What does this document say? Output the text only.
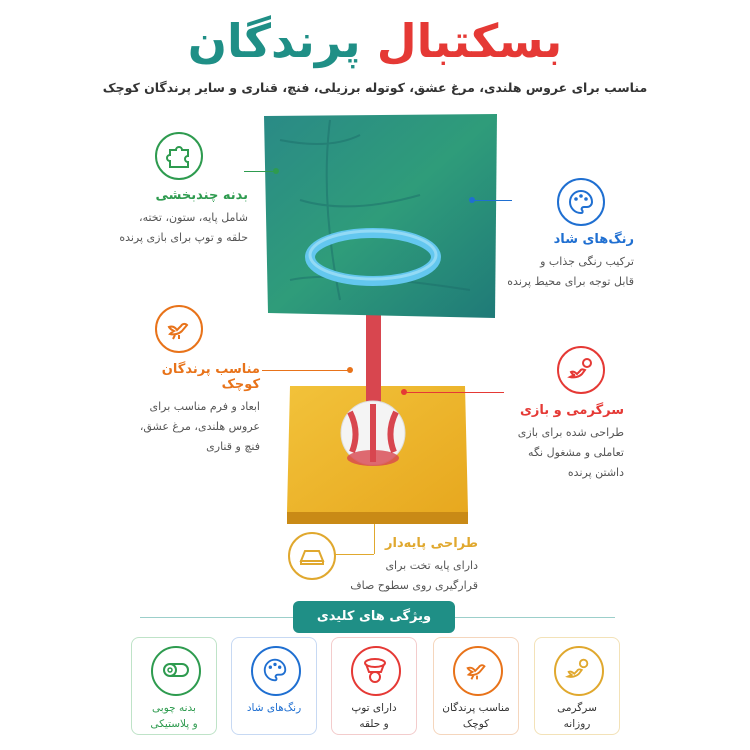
بسکتبال پرندگان
مناسب برای عروس هلندی، مرغ عشق، کوتوله برزیلی، فنچ، قناری و سایر پرندگان کوچک
بدنه چندبخشی
شامل پایه، ستون، تخته،
حلقه و توپ برای بازی پرنده	رنگ‌های شاد
ترکیب رنگی جذاب و
قابل توجه برای محیط پرنده
مناسب پرندگان کوچک
ابعاد و فرم مناسب برای
عروس هلندی، مرغ عشق،
فنچ و قناری
سرگرمی و بازی
طراحی شده برای بازی
تعاملی و مشغول نگه
داشتن پرنده
طراحی پایه‌دار
دارای پایه تخت برای
قرارگیری روی سطوح صاف
ویژگی های کلیدی
بدنه چوبی
و پلاستیکی
رنگ‌های شاد	دارای توپ
و حلقه
مناسب پرندگان
کوچک
سرگرمی
روزانه
